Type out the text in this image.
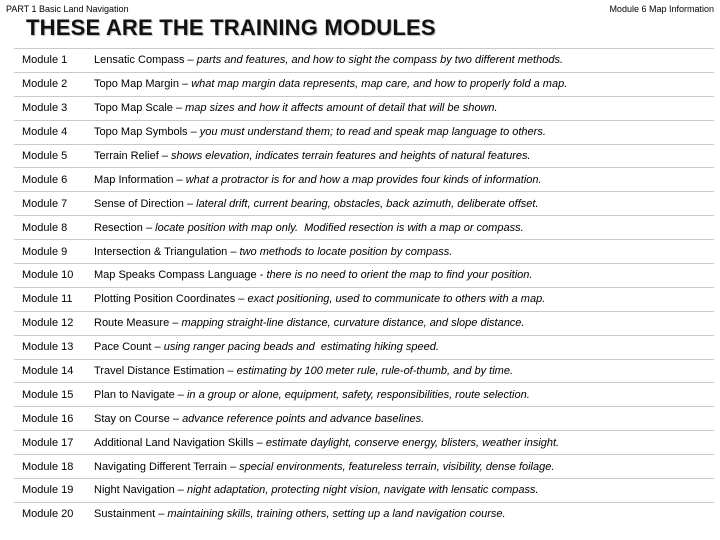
PART 1 Basic Land Navigation	Module 6 Map Information
THESE ARE THE TRAINING MODULES
Module 1	Lensatic Compass – parts and features, and how to sight the compass by two different methods.
Module 2	Topo Map Margin – what map margin data represents, map care, and how to properly fold a map.
Module 3	Topo Map Scale – map sizes and how it affects amount of detail that will be shown.
Module 4	Topo Map Symbols – you must understand them; to read and speak map language to others.
Module 5	Terrain Relief – shows elevation, indicates terrain features and heights of natural features.
Module 6	Map Information – what a protractor is for and how a map provides four kinds of information.
Module 7	Sense of Direction – lateral drift, current bearing, obstacles, back azimuth, deliberate offset.
Module 8	Resection – locate position with map only.  Modified resection is with a map or compass.
Module 9	Intersection & Triangulation – two methods to locate position by compass.
Module 10	Map Speaks Compass Language - there is no need to orient the map to find your position.
Module 11	Plotting Position Coordinates – exact positioning, used to communicate to others with a map.
Module 12	Route Measure – mapping straight-line distance, curvature distance, and slope distance.
Module 13	Pace Count – using ranger pacing beads and  estimating hiking speed.
Module 14	Travel Distance Estimation – estimating by 100 meter rule, rule-of-thumb, and by time.
Module 15	Plan to Navigate – in a group or alone, equipment, safety, responsibilities, route selection.
Module 16	Stay on Course – advance reference points and advance baselines.
Module 17	Additional Land Navigation Skills – estimate daylight, conserve energy, blisters, weather insight.
Module 18	Navigating Different Terrain – special environments, featureless terrain, visibility, dense foilage.
Module 19	Night Navigation – night adaptation, protecting night vision, navigate with lensatic compass.
Module 20	Sustainment – maintaining skills, training others, setting up a land navigation course.
